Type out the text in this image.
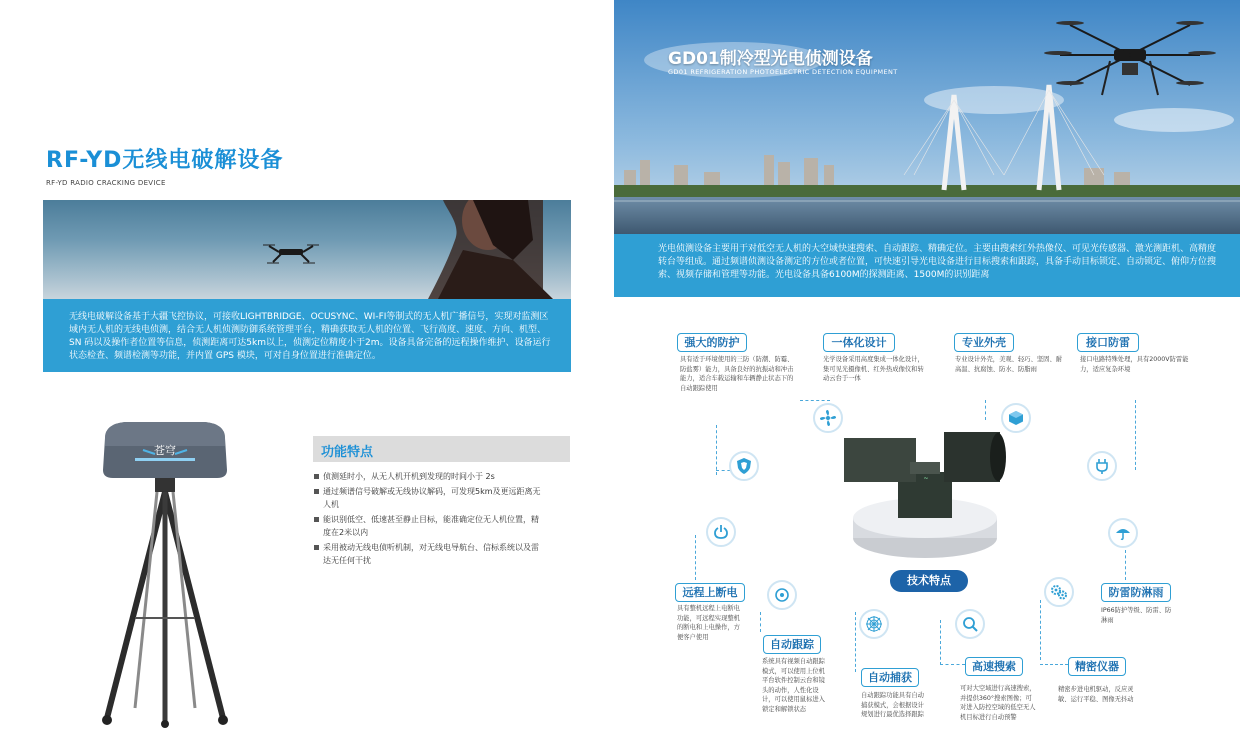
RF-YD无线电破解设备
RF-YD RADIO CRACKING DEVICE
无线电破解设备基于大疆飞控协议，可接收LIGHTBRIDGE、OCUSYNC、WI-FI等制式的无人机广播信号，实现对监测区域内无人机的无线电侦测，结合无人机侦测防御系统管理平台，精确获取无人机的位置、飞行高度、速度、方向、机型、SN 码以及操作者位置等信息，侦测距离可达5km以上，侦测定位精度小于2m。设备具备完备的远程操作维护、设备运行状态检查、频谱检测等功能，并内置 GPS 模块，可对自身位置进行准确定位。
苍穹	功能特点
侦测延时小，从无人机开机到发现的时间小于 2s
通过频谱信号破解或无线协议解码，可发现5km及更远距离无人机
能识别低空、低速甚至静止目标，能准确定位无人机位置，精度在2米以内
采用被动无线电侦听机制，对无线电导航台、信标系统以及雷达无任何干扰
GD01制冷型光电侦测设备
GD01 REFRIGERATION PHOTOELECTRIC DETECTION EQUIPMENT
光电侦测设备主要用于对低空无人机的大空域快速搜索、自动跟踪、精确定位。主要由搜索红外热像仪、可见光传感器、激光测距机、高精度转台等组成。通过频谱侦测设备测定的方位或者位置，可快速引导光电设备进行目标搜索和跟踪，具备手动目标锁定、自动锁定、俯仰方位搜索、视频存储和管理等功能。光电设备具备6100M的探测距离、1500M的识别距离
~
技术特点
强大的防护
具有适于环境使用的三防（防潮、防霉、防盐雾）能力，具备良好的抗振动和冲击能力，适合车载运输和车辆静止状态下的自动跟踪使用
一体化设计
光学设备采用高度集成一体化设计，集可见光摄像机、红外热成像仪和转动云台于一体
专业外壳
专业设计外壳，美观、轻巧、坚固、耐高温、抗腐蚀、防水、防脂雨
接口防雷
接口电路特殊处理，具有2000V防雷能力，适应复杂环境
远程上断电
具有整机远程上电断电功能，可远程实现整机的断电和上电操作，方便客户使用
自动跟踪
系统具有视频自动跟踪模式，可以使用上位机平台软件控制云台和镜头的动作，人性化设计，可以使用鼠标进入锁定和解锁状态
自动捕获
自动跟踪功能具有自动捕获模式，会根据设计规划进行最优选择跟踪
高速搜索
可对大空域进行高速搜索，并提供360°搜索图像；可对进入防控空域的低空无人机目标进行自动预警
精密仪器
精密步进电机驱动，反应灵敏、运行平稳、图像无抖动
防雷防淋雨
IP66防护等级、防雷、防淋雨
